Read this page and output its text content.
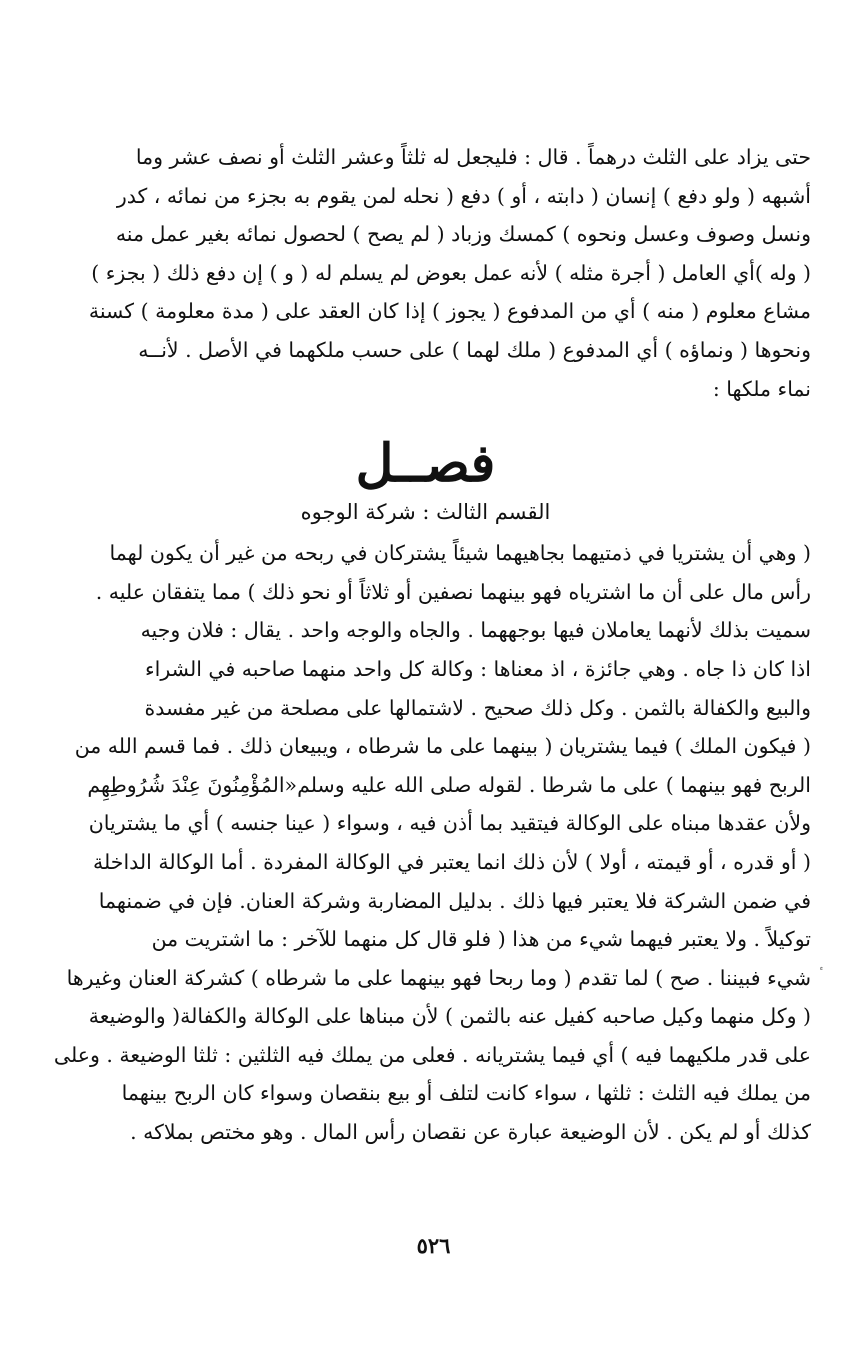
حتى يزاد على الثلث درهماً . قال : فليجعل له ثلثاً وعشر الثلث أو نصف عشر وما
أشبهه ( ولو دفع ) إنسان ( دابته ، أو ) دفع ( نحله لمن يقوم به بجزء من نمائه ، كدر
ونسل وصوف وعسل ونحوه ) كمسك وزباد ( لم يصح ) لحصول نمائه بغير عمل منه
( وله )أي العامل ( أجرة مثله ) لأنه عمل بعوض لم يسلم له ( و ) إن دفع ذلك ( بجزء )
مشاع معلوم ( منه ) أي من المدفوع ( يجوز ) إذا كان العقد على ( مدة معلومة ) كسنة
ونحوها ( ونماؤه ) أي المدفوع ( ملك لهما ) على حسب ملكهما في الأصل . لأنــه
نماء ملكها :
فصــل
القسم الثالث : شركة الوجوه
( وهي أن يشتريا في ذمتيهما بجاهيهما شيئاً يشتركان في ربحه من غير أن يكون لهما
رأس مال على أن ما اشترياه فهو بينهما نصفين أو ثلاثاً أو نحو ذلك ) مما يتفقان عليه .
سميت بذلك لأنهما يعاملان فيها بوجههما . والجاه والوجه واحد . يقال : فلان وجيه
اذا كان ذا جاه . وهي جائزة ، اذ معناها : وكالة كل واحد منهما صاحبه في الشراء
والبيع والكفالة بالثمن . وكل ذلك صحيح . لاشتمالها على مصلحة من غير مفسدة
( فيكون الملك ) فيما يشتريان ( بينهما على ما شرطاه ، ويبيعان ذلك . فما قسم الله من
الربح فهو بينهما ) على ما شرطا . لقوله صلى الله عليه وسلم«المُؤْمِنُونَ عِنْدَ شُرُوطِهِم
ولأن عقدها مبناه على الوكالة فيتقيد بما أذن فيه ، وسواء ( عينا جنسه ) أي ما يشتريان
( أو قدره ، أو قيمته ، أولا ) لأن ذلك انما يعتبر في الوكالة المفردة . أما الوكالة الداخلة
في ضمن الشركة فلا يعتبر فيها ذلك . بدليل المضاربة وشركة العنان. فإن في ضمنهما
توكيلاً . ولا يعتبر فيهما شيء من هذا ( فلو قال كل منهما للآخر : ما اشتريت من
شيء فبيننا . صح ) لما تقدم ( وما ربحا فهو بينهما على ما شرطاه ) كشركة العنان وغيرها
( وكل منهما وكيل صاحبه كفيل عنه بالثمن ) لأن مبناها على الوكالة والكفالة( والوضيعة
على قدر ملكيهما فيه ) أي فيما يشتريانه . فعلى من يملك فيه الثلثين : ثلثا الوضيعة . وعلى
من يملك فيه الثلث : ثلثها ، سواء كانت لتلف أو بيع بنقصان وسواء كان الربح بينهما
كذلك أو لم يكن . لأن الوضيعة عبارة عن نقصان رأس المال . وهو مختص بملاكه .
٥٢٦
